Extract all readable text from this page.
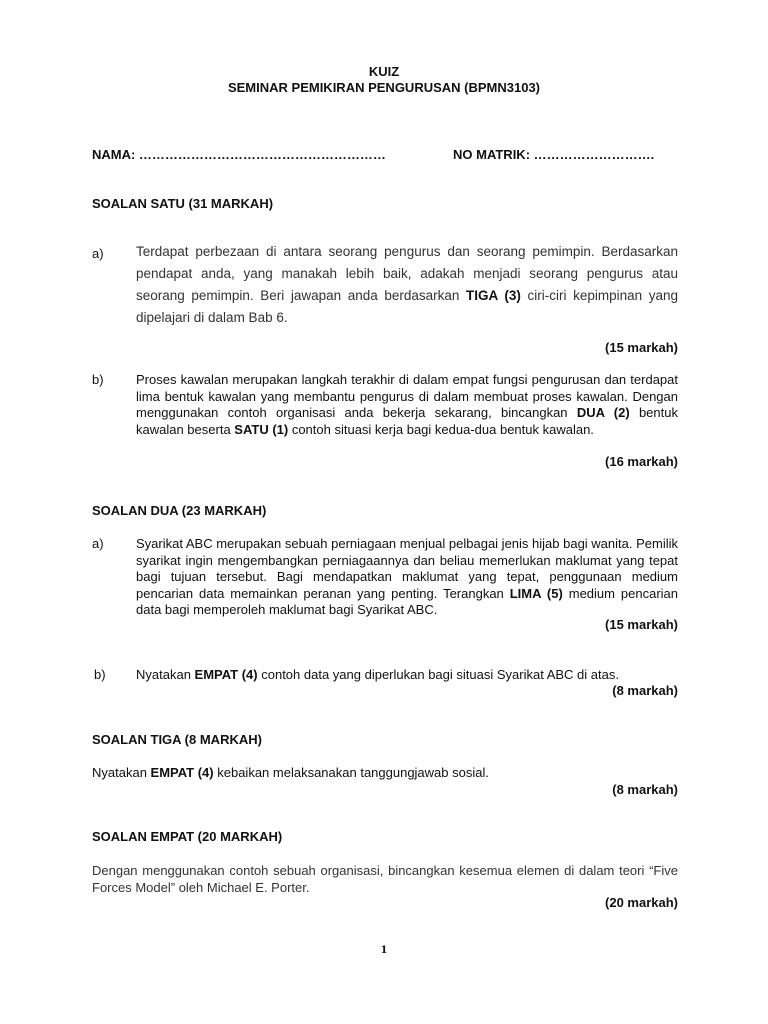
KUIZ
SEMINAR PEMIKIRAN PENGURUSAN (BPMN3103)
NAMA: …………………………………………………	NO MATRIK: ……………………….
SOALAN SATU (31 MARKAH)
a) Terdapat perbezaan di antara seorang pengurus dan seorang pemimpin. Berdasarkan pendapat anda, yang manakah lebih baik, adakah menjadi seorang pengurus atau seorang pemimpin. Beri jawapan anda berdasarkan TIGA (3) ciri-ciri kepimpinan yang dipelajari di dalam Bab 6.
(15 markah)
b) Proses kawalan merupakan langkah terakhir di dalam empat fungsi pengurusan dan terdapat lima bentuk kawalan yang membantu pengurus di dalam membuat proses kawalan. Dengan menggunakan contoh organisasi anda bekerja sekarang, bincangkan DUA (2) bentuk kawalan beserta SATU (1) contoh situasi kerja bagi kedua-dua bentuk kawalan.
(16 markah)
SOALAN DUA (23 MARKAH)
a) Syarikat ABC merupakan sebuah perniagaan menjual pelbagai jenis hijab bagi wanita. Pemilik syarikat ingin mengembangkan perniagaannya dan beliau memerlukan maklumat yang tepat bagi tujuan tersebut. Bagi mendapatkan maklumat yang tepat, penggunaan medium pencarian data memainkan peranan yang penting. Terangkan LIMA (5) medium pencarian data bagi memperoleh maklumat bagi Syarikat ABC.
(15 markah)
b) Nyatakan EMPAT (4) contoh data yang diperlukan bagi situasi Syarikat ABC di atas.
(8 markah)
SOALAN TIGA (8 MARKAH)
Nyatakan EMPAT (4) kebaikan melaksanakan tanggungjawab sosial.
(8 markah)
SOALAN EMPAT (20 MARKAH)
Dengan menggunakan contoh sebuah organisasi, bincangkan kesemua elemen di dalam teori “Five Forces Model” oleh Michael E. Porter.
(20 markah)
1
